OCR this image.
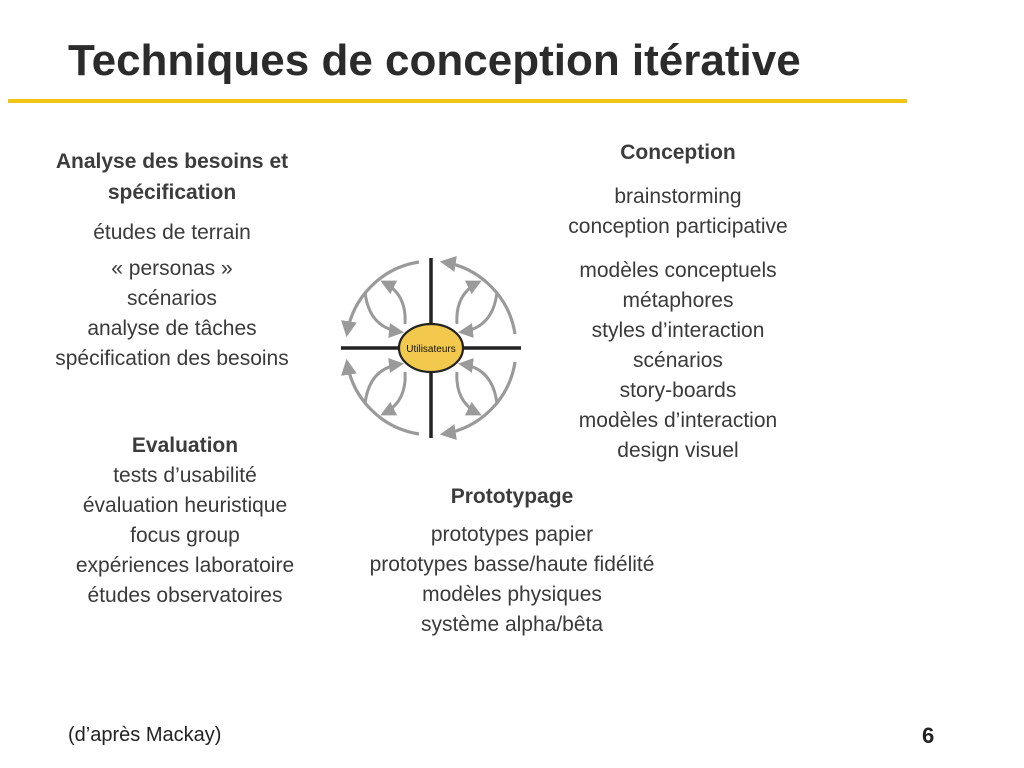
Techniques de conception itérative
Analyse des besoins et
spécification
études de terrain
« personas »
scénarios
analyse de tâches
spécification des besoins
Conception
brainstorming
conception participative
modèles conceptuels
métaphores
styles d’interaction
scénarios
story-boards
modèles d’interaction
design visuel
Evaluation
tests d’usabilité
évaluation heuristique
focus group
expériences laboratoire
études observatoires
Prototypage
prototypes papier
prototypes basse/haute fidélité
modèles physiques
système alpha/bêta
Utilisateurs
(d’après Mackay)	6
